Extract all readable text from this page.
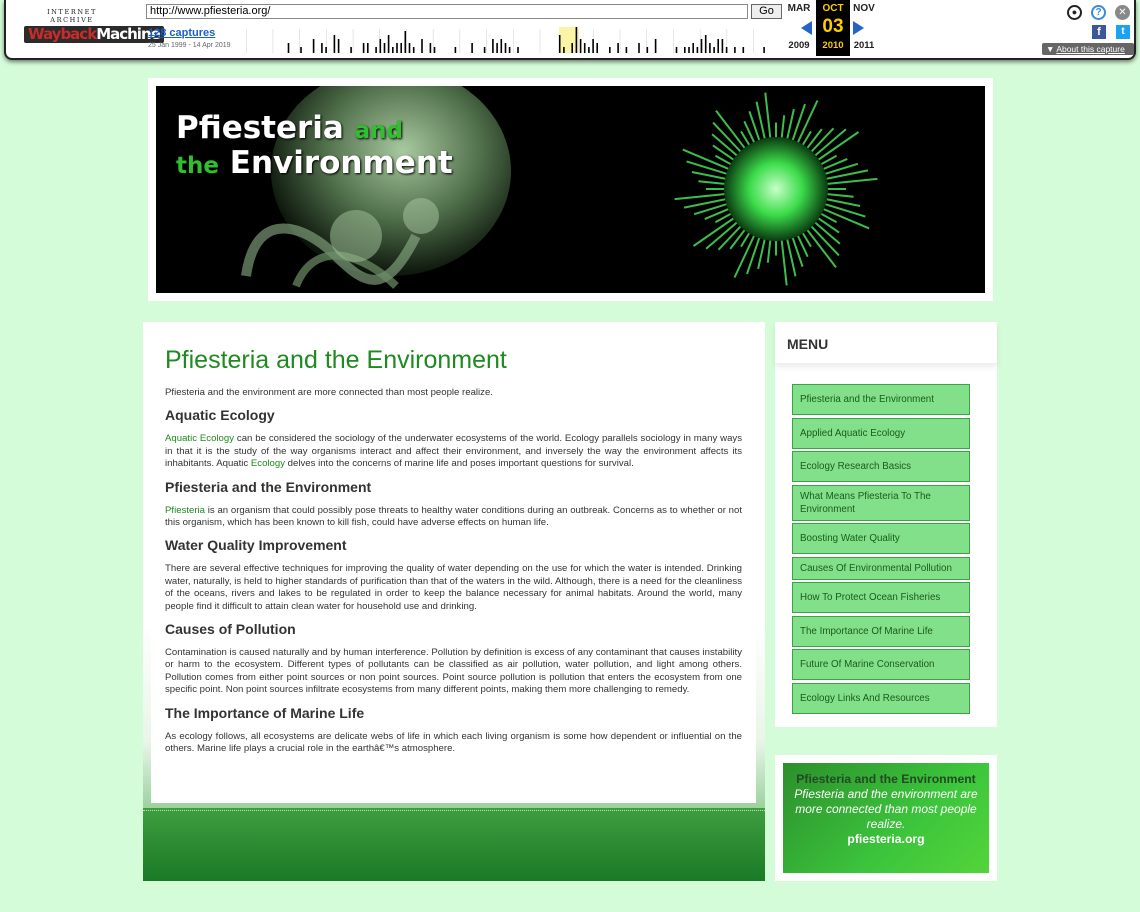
INTERNET ARCHIVE
WaybackMachine
http://www.pfiesteria.org/	Go
128 captures
25 Jan 1999 - 14 Apr 2019
MAR
2009
OCT
03
2010
NOV
2011
●	?	✕
f	t
▼ About this capture
Pfiesteria and
the Environment
Pfiesteria and the Environment

Pfiesteria and the environment are more connected than most people realize.

Aquatic Ecology

Aquatic Ecology can be considered the sociology of the underwater ecosystems of the world. Ecology parallels sociology in many ways in that it is the study of the way organisms interact and affect their environment, and inversely the way the environment affects its inhabitants. Aquatic Ecology delves into the concerns of marine life and poses important questions for survival.

Pfiesteria and the Environment

Pfiesteria is an organism that could possibly pose threats to healthy water conditions during an outbreak. Concerns as to whether or not this organism, which has been known to kill fish, could have adverse effects on human life.

Water Quality Improvement

There are several effective techniques for improving the quality of water depending on the use for which the water is intended. Drinking water, naturally, is held to higher standards of purification than that of the waters in the wild. Although, there is a need for the cleanliness of the oceans, rivers and lakes to be regulated in order to keep the balance necessary for animal habitats. Around the world, many people find it difficult to attain clean water for household use and drinking.

Causes of Pollution

Contamination is caused naturally and by human interference. Pollution by definition is excess of any contaminant that causes instability or harm to the ecosystem. Different types of pollutants can be classified as air pollution, water pollution, and light among others. Pollution comes from either point sources or non point sources. Point source pollution is pollution that enters the ecosystem from one specific point. Non point sources infiltrate ecosystems from many different points, making them more challenging to remedy.

The Importance of Marine Life

As ecology follows, all ecosystems are delicate webs of life in which each living organism is some how dependent or influential on the others. Marine life plays a crucial role in the earthâ€™s atmosphere.

MENU
Pfiesteria and the Environment
Applied Aquatic Ecology
Ecology Research Basics
What Means Pfiesteria To The Environment
Boosting Water Quality
Causes Of Environmental Pollution
How To Protect Ocean Fisheries
The Importance Of Marine Life
Future Of Marine Conservation
Ecology Links And Resources
Pfiesteria and the Environment
Pfiesteria and the environment are more connected than most people realize.
pfiesteria.org
